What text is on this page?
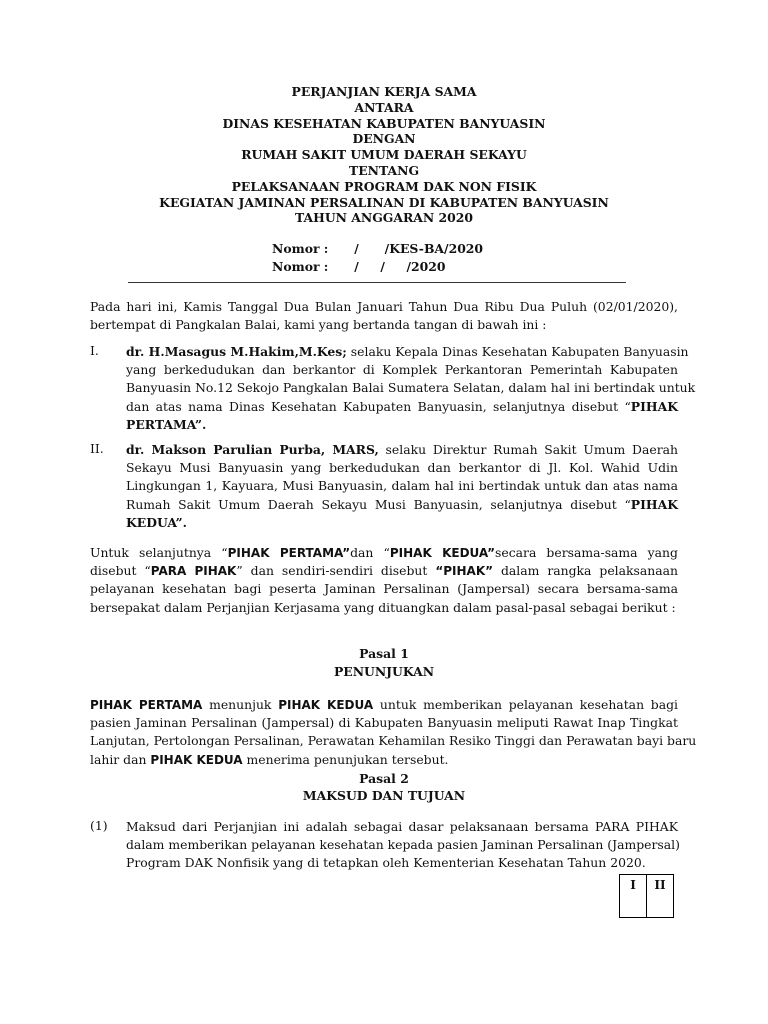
PERJANJIAN KERJA SAMA
ANTARA
DINAS KESEHATAN KABUPATEN BANYUASIN
DENGAN
RUMAH SAKIT UMUM DAERAH SEKAYU
TENTANG
PELAKSANAAN PROGRAM DAK NON FISIK
KEGIATAN JAMINAN PERSALINAN DI KABUPATEN BANYUASIN
TAHUN ANGGARAN 2020
Nomor :      /      /KES-BA/2020
Nomor :      /     /     /2020
Pada hari ini, Kamis Tanggal Dua Bulan Januari Tahun Dua Ribu Dua Puluh (02/01/2020),
bertempat di Pangkalan Balai, kami yang bertanda tangan di bawah ini :
I. dr. H.Masagus M.Hakim,M.Kes; selaku Kepala Dinas Kesehatan Kabupaten Banyuasin
yang berkedudukan dan berkantor di Komplek Perkantoran Pemerintah Kabupaten
Banyuasin No.12 Sekojo Pangkalan Balai Sumatera Selatan, dalam hal ini bertindak untuk
dan atas nama Dinas Kesehatan Kabupaten Banyuasin, selanjutnya disebut “PIHAK
PERTAMA”.
II. dr. Makson Parulian Purba, MARS, selaku Direktur Rumah Sakit Umum Daerah
Sekayu Musi Banyuasin yang berkedudukan dan berkantor di Jl. Kol. Wahid Udin
Lingkungan 1, Kayuara, Musi Banyuasin, dalam hal ini bertindak untuk dan atas nama
Rumah Sakit Umum Daerah Sekayu Musi Banyuasin, selanjutnya disebut “PIHAK
KEDUA”.
Untuk selanjutnya “PIHAK PERTAMA”dan “PIHAK KEDUA”secara bersama-sama yang
disebut “PARA PIHAK” dan sendiri-sendiri disebut “PIHAK” dalam rangka pelaksanaan
pelayanan kesehatan bagi peserta Jaminan Persalinan (Jampersal) secara bersama-sama
bersepakat dalam Perjanjian Kerjasama yang dituangkan dalam pasal-pasal sebagai berikut :
Pasal 1
PENUNJUKAN
PIHAK PERTAMA menunjuk PIHAK KEDUA untuk memberikan pelayanan kesehatan bagi
pasien Jaminan Persalinan (Jampersal) di Kabupaten Banyuasin meliputi Rawat Inap Tingkat
Lanjutan, Pertolongan Persalinan, Perawatan Kehamilan Resiko Tinggi dan Perawatan bayi baru
lahir dan PIHAK KEDUA menerima penunjukan tersebut.
Pasal 2
MAKSUD DAN TUJUAN
(1) Maksud dari Perjanjian ini adalah sebagai dasar pelaksanaan bersama PARA PIHAK
dalam memberikan pelayanan kesehatan kepada pasien Jaminan Persalinan (Jampersal)
Program DAK Nonfisik yang di tetapkan oleh Kementerian Kesehatan Tahun 2020.
I	II
